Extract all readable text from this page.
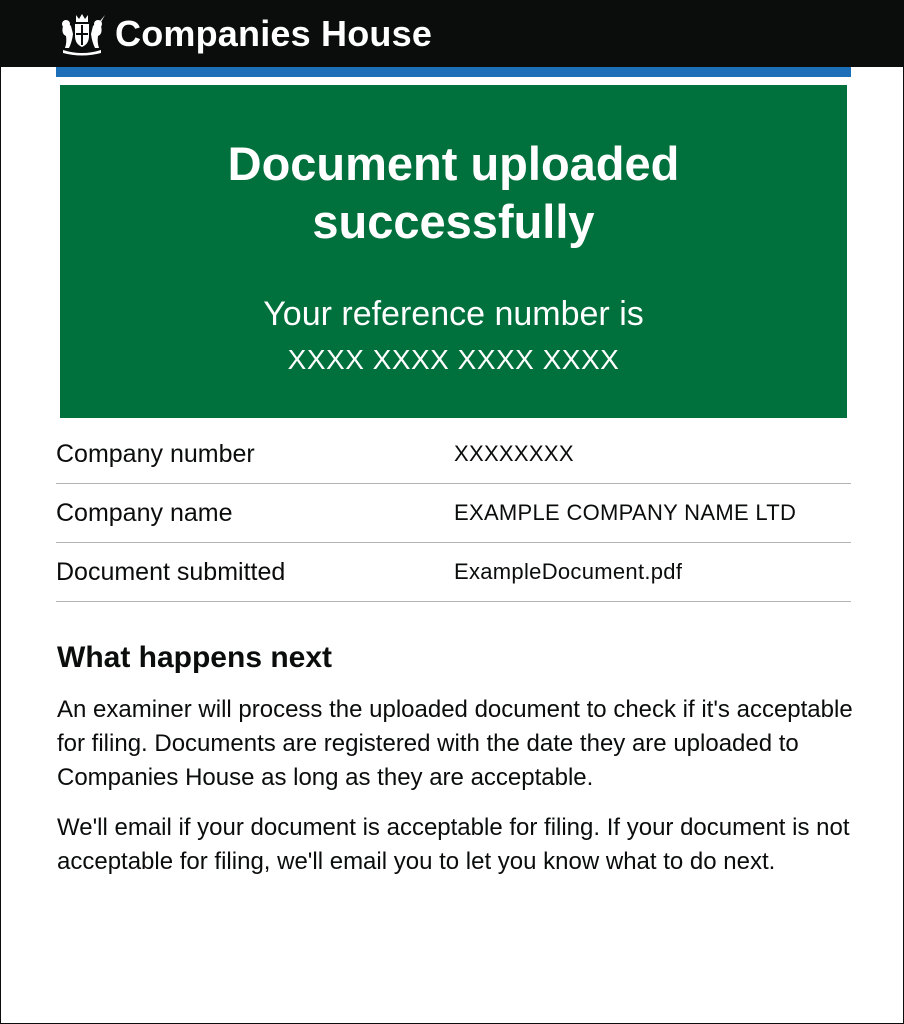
Companies House
Document uploaded successfully
Your reference number is
XXXX XXXX XXXX XXXX
Company number	XXXXXXXX
Company name	EXAMPLE COMPANY NAME LTD
Document submitted	ExampleDocument.pdf
What happens next

An examiner will process the uploaded document to check if it's acceptable for filing. Documents are registered with the date they are uploaded to Companies House as long as they are acceptable.

We'll email if your document is acceptable for filing. If your document is not acceptable for filing, we'll email you to let you know what to do next.
